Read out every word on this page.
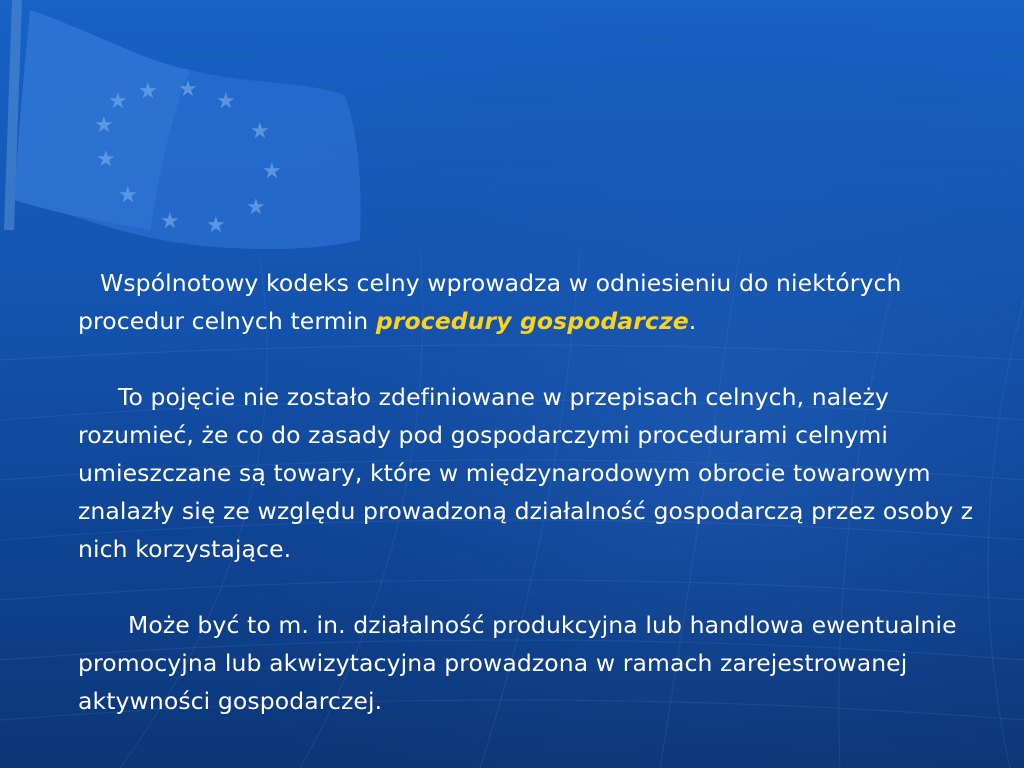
★ ★ ★
★
★
★
★
★
★
★
★
★

Wspólnotowy kodeks celny wprowadza w odniesieniu do niektórych procedur celnych termin procedury gospodarcze.

To pojęcie nie zostało zdefiniowane w przepisach celnych, należy rozumieć, że co do zasady pod gospodarczymi procedurami celnymi umieszczane są towary, które w międzynarodowym obrocie towarowym znalazły się ze względu prowadzoną działalność gospodarczą przez osoby z nich korzystające.

Może być to m. in. działalność produkcyjna lub handlowa ewentualnie promocyjna lub akwizytacyjna prowadzona w ramach zarejestrowanej aktywności gospodarczej.
